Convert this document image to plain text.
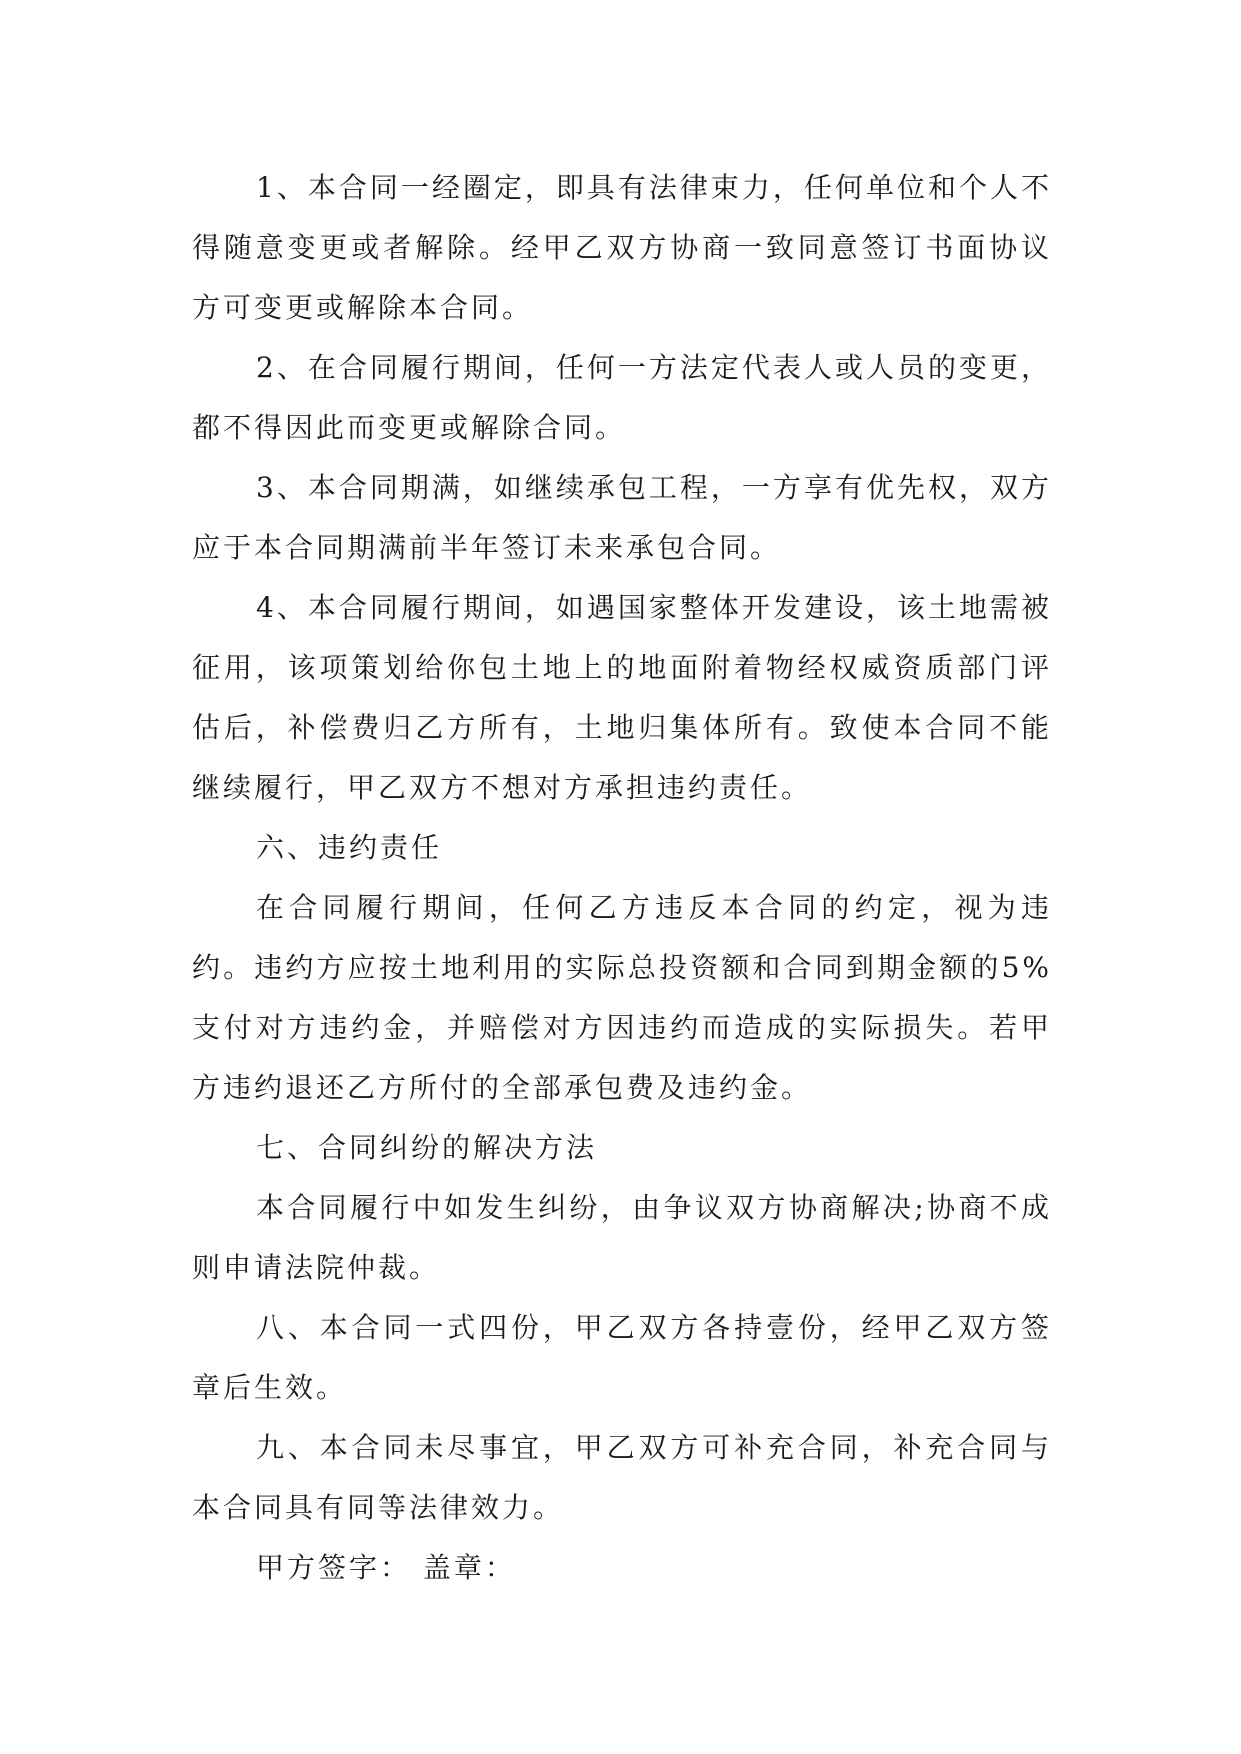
1、本合同一经圈定，即具有法律束力，任何单位和个人不得随意变更或者解除。经甲乙双方协商一致同意签订书面协议方可变更或解除本合同。

2、在合同履行期间，任何一方法定代表人或人员的变更，都不得因此而变更或解除合同。

3、本合同期满，如继续承包工程，一方享有优先权，双方应于本合同期满前半年签订未来承包合同。

4、本合同履行期间，如遇国家整体开发建设，该土地需被征用，该项策划给你包土地上的地面附着物经权威资质部门评估后，补偿费归乙方所有，土地归集体所有。致使本合同不能继续履行，甲乙双方不想对方承担违约责任。

六、违约责任

在合同履行期间，任何乙方违反本合同的约定，视为违约。违约方应按土地利用的实际总投资额和合同到期金额的5%支付对方违约金，并赔偿对方因违约而造成的实际损失。若甲方违约退还乙方所付的全部承包费及违约金。

七、合同纠纷的解决方法

本合同履行中如发生纠纷，由争议双方协商解决;协商不成则申请法院仲裁。

八、本合同一式四份，甲乙双方各持壹份，经甲乙双方签章后生效。

九、本合同未尽事宜，甲乙双方可补充合同，补充合同与本合同具有同等法律效力。

甲方签字： 盖章：
